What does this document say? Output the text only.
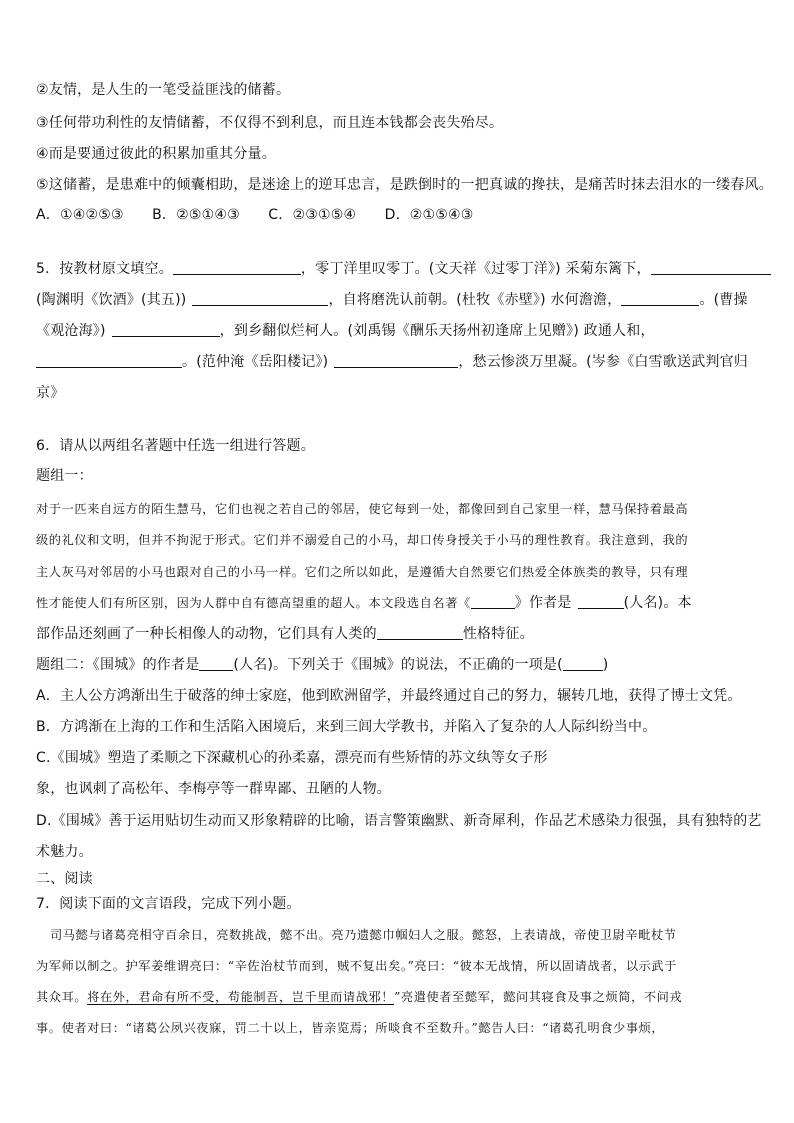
②友情，是人生的一笔受益匪浅的储蓄。
③任何带功利性的友情储蓄，不仅得不到利息，而且连本钱都会丧失殆尽。
④而是要通过彼此的积累加重其分量。
⑤这储蓄，是患难中的倾囊相助，是迷途上的逆耳忠言，是跌倒时的一把真诚的搀扶，是痛苦时抹去泪水的一缕春风。
A．①④②⑤③　　B．②⑤①④③　　C．②③①⑤④　　D．②①⑤④③
5．按教材原文填空。	，零丁洋里叹零丁。(文天祥《过零丁洋》) 采菊东篱下，
(陶渊明《饮酒》(其五))	，自将磨洗认前朝。(杜牧《赤壁》) 水何澹澹，	。(曹操
《观沧海》)	，到乡翻似烂柯人。(刘禹锡《酬乐天扬州初逢席上见赠》) 政通人和，
。(范仲淹《岳阳楼记》)	，愁云惨淡万里凝。(岑参《白雪歌送武判官归
京》
6．请从以两组名著题中任选一组进行答题。
题组一：
对于一匹来自远方的陌生慧马，它们也视之若自己的邻居，使它每到一处，都像回到自己家里一样，慧马保持着最高
级的礼仪和文明，但并不拘泥于形式。它们并不溺爱自己的小马，却口传身授关于小马的理性教育。我注意到，我的
主人灰马对邻居的小马也跟对自己的小马一样。它们之所以如此，是遵循大自然要它们热爱全体族类的教导，只有理
性才能使人们有所区别，因为人群中自有德高望重的超人。本文段选自名著《	》作者是	(人名)。本
部作品还刻画了一种长相像人的动物，它们具有人类的	性格特征。
题组二：《围城》的作者是 (人名)。下列关于《围城》的说法，不正确的一项是(	)
A．主人公方鸿渐出生于破落的绅士家庭，他到欧洲留学，并最终通过自己的努力，辗转几地，获得了博士文凭。
B．方鸿渐在上海的工作和生活陷入困境后，来到三闾大学教书，并陷入了复杂的人人际纠纷当中。
C.《围城》塑造了柔顺之下深藏机心的孙柔嘉，漂亮而有些矫情的苏文纨等女子形
象，也讽刺了高松年、李梅亭等一群卑鄙、丑陋的人物。
D.《围城》善于运用贴切生动而又形象精辟的比喻，语言警策幽默、新奇犀利，作品艺术感染力很强，具有独特的艺
术魅力。
二、阅读
7．阅读下面的文言语段，完成下列小题。
司马懿与诸葛亮相守百余日，亮数挑战，懿不出。亮乃遗懿巾帼妇人之服。懿怒，上表请战，帝使卫尉辛毗杖节
为军师以制之。护军姜维谓亮曰：“辛佐治杖节而到，贼不复出矣。”亮曰：“彼本无战情，所以固请战者，以示武于
其众耳。将在外，君命有所不受，苟能制吾，岂千里而请战邪！”亮遣使者至懿军，懿问其寝食及事之烦简，不问戎
事。使者对曰：“诸葛公夙兴夜寐，罚二十以上，皆亲览焉；所啖食不至数升。”懿告人曰：“诸葛孔明食少事烦，
